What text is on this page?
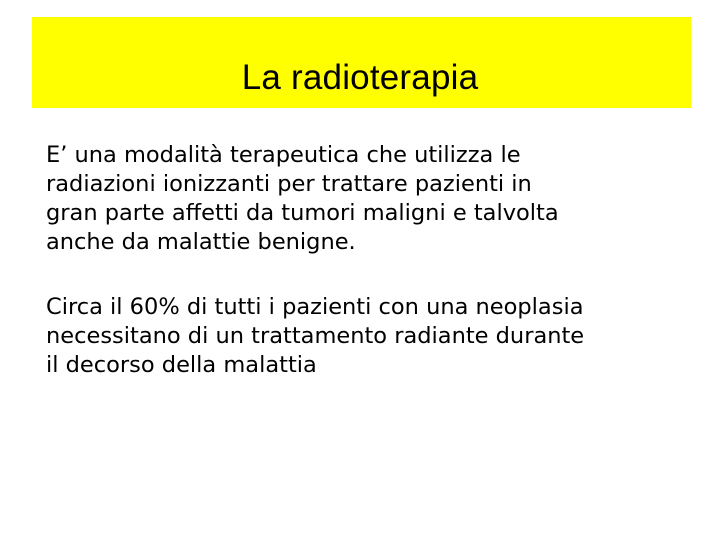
La radioterapia

E’ una modalità terapeutica che utilizza le
radiazioni ionizzanti per trattare pazienti in
gran parte affetti da tumori maligni e talvolta
anche da malattie benigne.

Circa il 60% di tutti i pazienti con una neoplasia
necessitano di un trattamento radiante durante
il decorso della malattia
